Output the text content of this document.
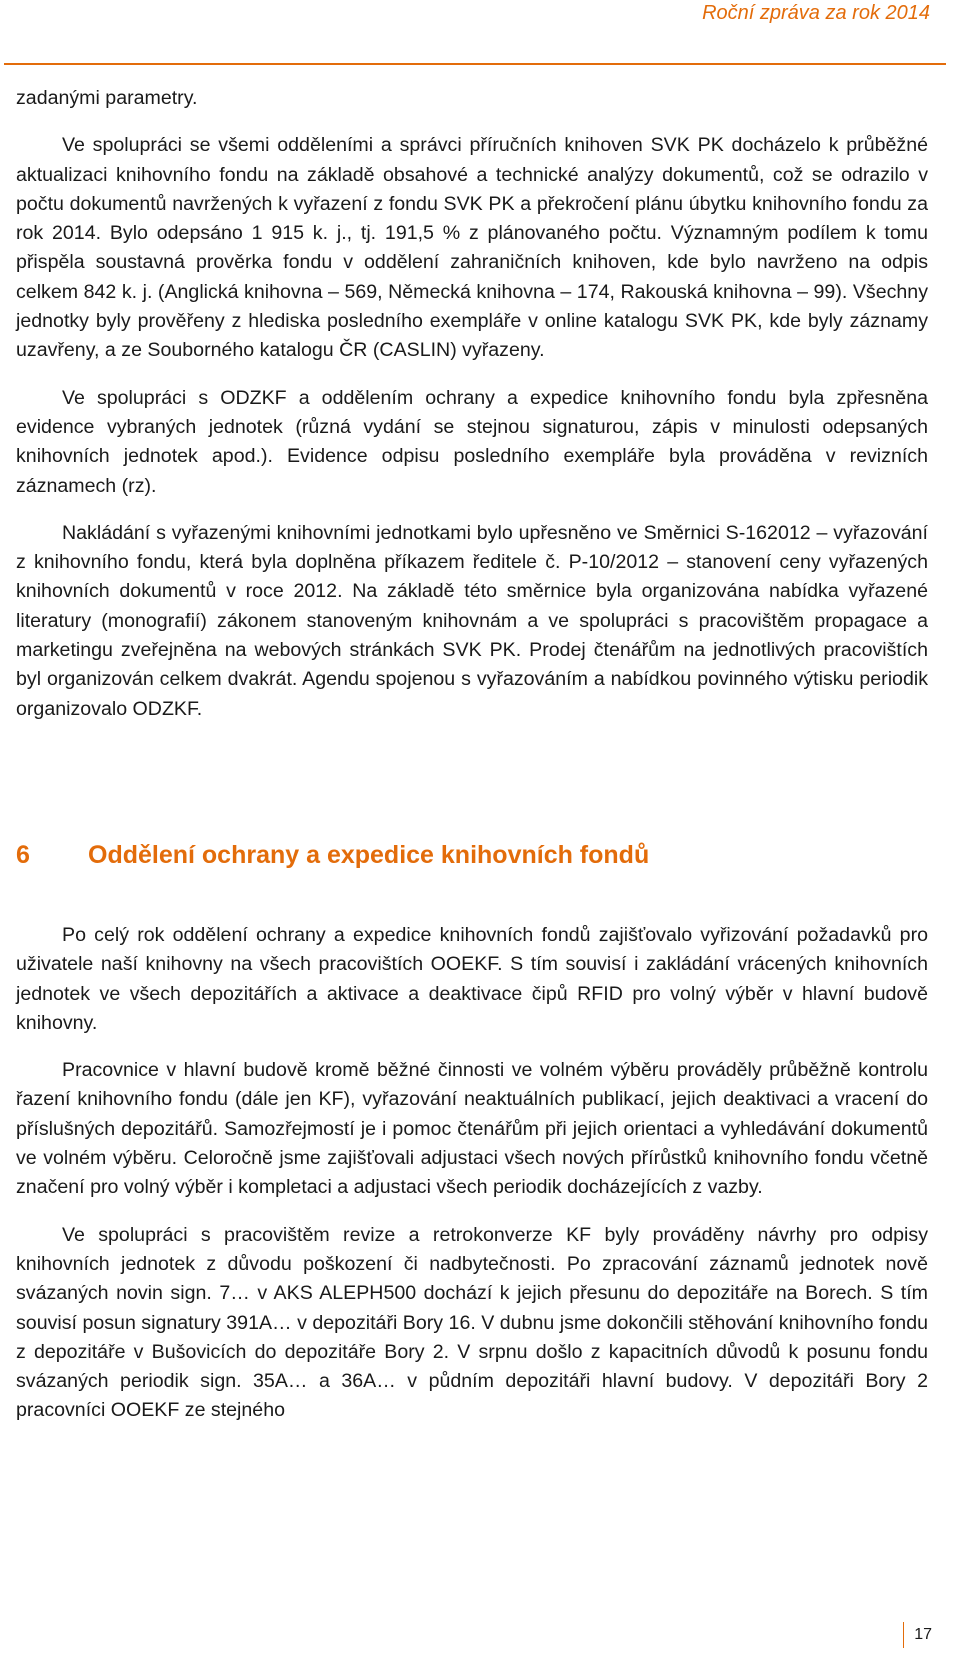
Roční zpráva za rok 2014

zadanými parametry.

Ve spolupráci se všemi odděleními a správci příručních knihoven SVK PK docházelo k průběžné aktualizaci knihovního fondu na základě obsahové a technické analýzy dokumentů, což se odrazilo v počtu dokumentů navržených k vyřazení z fondu SVK PK a překročení plánu úbytku knihovního fondu za rok 2014. Bylo odepsáno 1 915 k. j., tj. 191,5 % z plánovaného počtu. Významným podílem k tomu přispěla soustavná prověrka fondu v oddělení zahraničních knihoven, kde bylo navrženo na odpis celkem 842 k. j. (Anglická knihovna – 569, Německá knihovna – 174, Rakouská knihovna – 99). Všechny jednotky byly prověřeny z hlediska posledního exempláře v online katalogu SVK PK, kde byly záznamy uzavřeny, a ze Souborného katalogu ČR (CASLIN) vyřazeny.

Ve spolupráci s ODZKF a oddělením ochrany a expedice knihovního fondu byla zpřesněna evidence vybraných jednotek (různá vydání se stejnou signaturou, zápis v minulosti odepsaných knihovních jednotek apod.). Evidence odpisu posledního exempláře byla prováděna v revizních záznamech (rz).

Nakládání s vyřazenými knihovními jednotkami bylo upřesněno ve Směrnici S-162012 – vyřazování z knihovního fondu, která byla doplněna příkazem ředitele č. P-10/2012 – stanovení ceny vyřazených knihovních dokumentů v roce 2012. Na základě této směrnice byla organizována nabídka vyřazené literatury (monografií) zákonem stanoveným knihovnám a ve spolupráci s pracovištěm propagace a marketingu zveřejněna na webových stránkách SVK PK. Prodej čtenářům na jednotlivých pracovištích byl organizován celkem dvakrát. Agendu spojenou s vyřazováním a nabídkou povinného výtisku periodik organizovalo ODZKF.

6	Oddělení ochrany a expedice knihovních fondů

Po celý rok oddělení ochrany a expedice knihovních fondů zajišťovalo vyřizování požadavků pro uživatele naší knihovny na všech pracovištích OOEKF. S tím souvisí i zakládání vrácených knihovních jednotek ve všech depozitářích a aktivace a deaktivace čipů RFID pro volný výběr v hlavní budově knihovny.

Pracovnice v hlavní budově kromě běžné činnosti ve volném výběru prováděly průběžně kontrolu řazení knihovního fondu (dále jen KF), vyřazování neaktuálních publikací, jejich deaktivaci a vracení do příslušných depozitářů. Samozřejmostí je i pomoc čtenářům při jejich orientaci a vyhledávání dokumentů ve volném výběru. Celoročně jsme zajišťovali adjustaci všech nových přírůstků knihovního fondu včetně značení pro volný výběr i kompletaci a adjustaci všech periodik docházejících z vazby.

Ve spolupráci s pracovištěm revize a retrokonverze KF byly prováděny návrhy pro odpisy knihovních jednotek z důvodu poškození či nadbytečnosti. Po zpracování záznamů jednotek nově svázaných novin sign. 7… v AKS ALEPH500 dochází k jejich přesunu do depozitáře na Borech. S tím souvisí posun signatury 391A… v depozitáři Bory 16. V dubnu jsme dokončili stěhování knihovního fondu z depozitáře v Bušovicích do depozitáře Bory 2. V srpnu došlo z kapacitních důvodů k posunu fondu svázaných periodik sign. 35A… a 36A… v půdním depozitáři hlavní budovy. V depozitáři Bory 2 pracovníci OOEKF ze stejného

17
